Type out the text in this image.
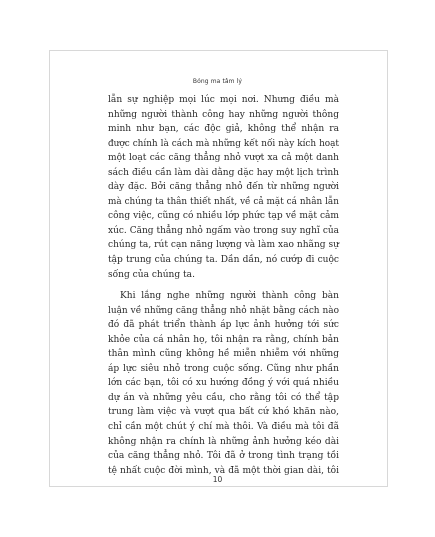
Bóng ma tâm lý
lẫn sự nghiệp mọi lúc mọi nơi. Nhưng điều mà
những người thành công hay những người thông
minh như bạn, các độc giả, không thể nhận ra
được chính là cách mà những kết nối này kích hoạt
một loạt các căng thẳng nhỏ vượt xa cả một danh
sách điều cần làm dài dằng dặc hay một lịch trình
dày đặc. Bởi căng thẳng nhỏ đến từ những người
mà chúng ta thân thiết nhất, về cả mặt cá nhân lẫn
công việc, cũng có nhiều lớp phức tạp về mặt cảm
xúc. Căng thẳng nhỏ ngấm vào trong suy nghĩ của
chúng ta, rút cạn năng lượng và làm xao nhãng sự
tập trung của chúng ta. Dần dần, nó cướp đi cuộc
sống của chúng ta.
Khi lắng nghe những người thành công bàn
luận về những căng thẳng nhỏ nhặt bằng cách nào
đó đã phát triển thành áp lực ảnh hưởng tới sức
khỏe của cá nhân họ, tôi nhận ra rằng, chính bản
thân mình cũng không hề miễn nhiễm với những
áp lực siêu nhỏ trong cuộc sống. Cũng như phần
lớn các bạn, tôi có xu hướng đồng ý với quá nhiều
dự án và những yêu cầu, cho rằng tôi có thể tập
trung làm việc và vượt qua bất cứ khó khăn nào,
chỉ cần một chút ý chí mà thôi. Và điều mà tôi đã
không nhận ra chính là những ảnh hưởng kéo dài
của căng thẳng nhỏ. Tôi đã ở trong tình trạng tồi
tệ nhất cuộc đời mình, và đã một thời gian dài, tôi
10
